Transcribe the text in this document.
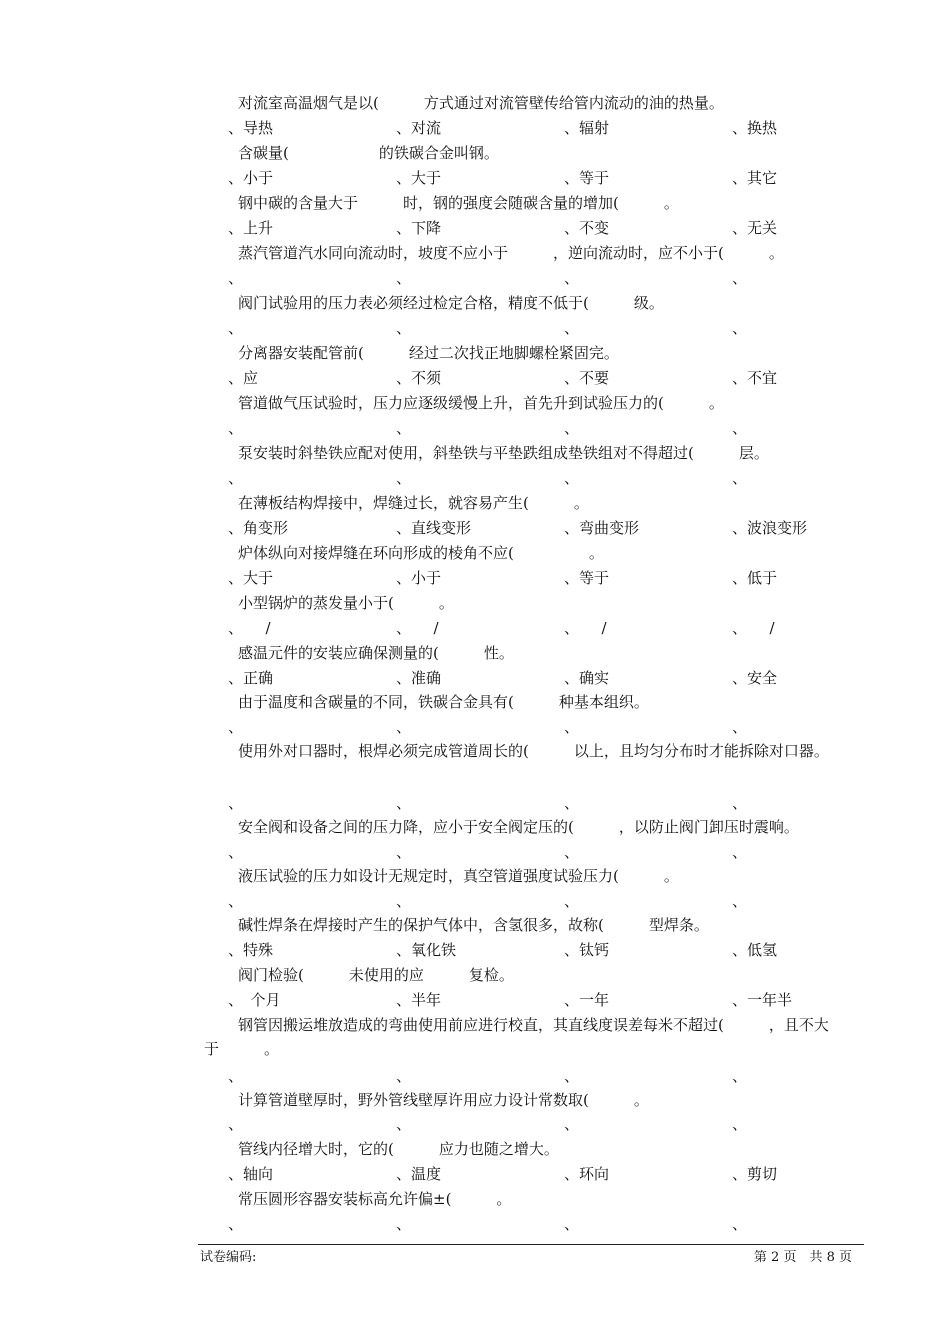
对流室高温烟气是以(　　　方式通过对流管壁传给管内流动的油的热量。
、导热	、对流	、辐射	、换热
含碳量(　　　　　　的铁碳合金叫钢。
、小于	、大于	、等于	、其它
钢中碳的含量大于　　　时，钢的强度会随碳含量的增加(　　　。
、上升	、下降	、不变	、无关
蒸汽管道汽水同向流动时，坡度不应小于　　　，逆向流动时，应不小于(　　　。
、	、	、	、
阀门试验用的压力表必须经过检定合格，精度不低于(　　　级。
、	、	、	、
分离器安装配管前(　　　经过二次找正地脚螺栓紧固完。
、应	、不须	、不要	、不宜
管道做气压试验时，压力应逐级缓慢上升，首先升到试验压力的(　　　。
、	、	、	、
泵安装时斜垫铁应配对使用，斜垫铁与平垫跌组成垫铁组对不得超过(　　　层。
、	、	、	、
在薄板结构焊接中，焊缝过长，就容易产生(　　　。
、角变形	、直线变形	、弯曲变形	、波浪变形
炉体纵向对接焊缝在环向形成的棱角不应(　　　　　。
、大于	、小于	、等于	、低于
小型锅炉的蒸发量小于(　　　。
、　　/	、　　/	、　　/	、　　/
感温元件的安装应确保测量的(　　　性。
、正确	、准确	、确实	、安全
由于温度和含碳量的不同，铁碳合金具有(　　　种基本组织。
、	、	、	、
使用外对口器时，根焊必须完成管道周长的(　　　以上，且均匀分布时才能拆除对口器。
、	、	、	、
安全阀和设备之间的压力降，应小于安全阀定压的(　　　，以防止阀门卸压时震响。
、	、	、	、
液压试验的压力如设计无规定时，真空管道强度试验压力(　　　。
、	、	、	、
碱性焊条在焊接时产生的保护气体中，含氢很多，故称(　　　型焊条。
、特殊	、氧化铁	、钛钙	、低氢
阀门检验(　　　未使用的应　　　复检。
、　个月	、半年	、一年	、一年半
钢管因搬运堆放造成的弯曲使用前应进行校直，其直线度误差每米不超过(　　　，且不大于　　　。
、	、	、	、
计算管道壁厚时，野外管线壁厚许用应力设计常数取(　　　。
、	、	、	、
管线内径增大时，它的(　　　应力也随之增大。
、轴向	、温度	、环向	、剪切
常压圆形容器安装标高允许偏±(　　　。
、	、	、	、
试卷编码:	第 2 页　共 8 页
